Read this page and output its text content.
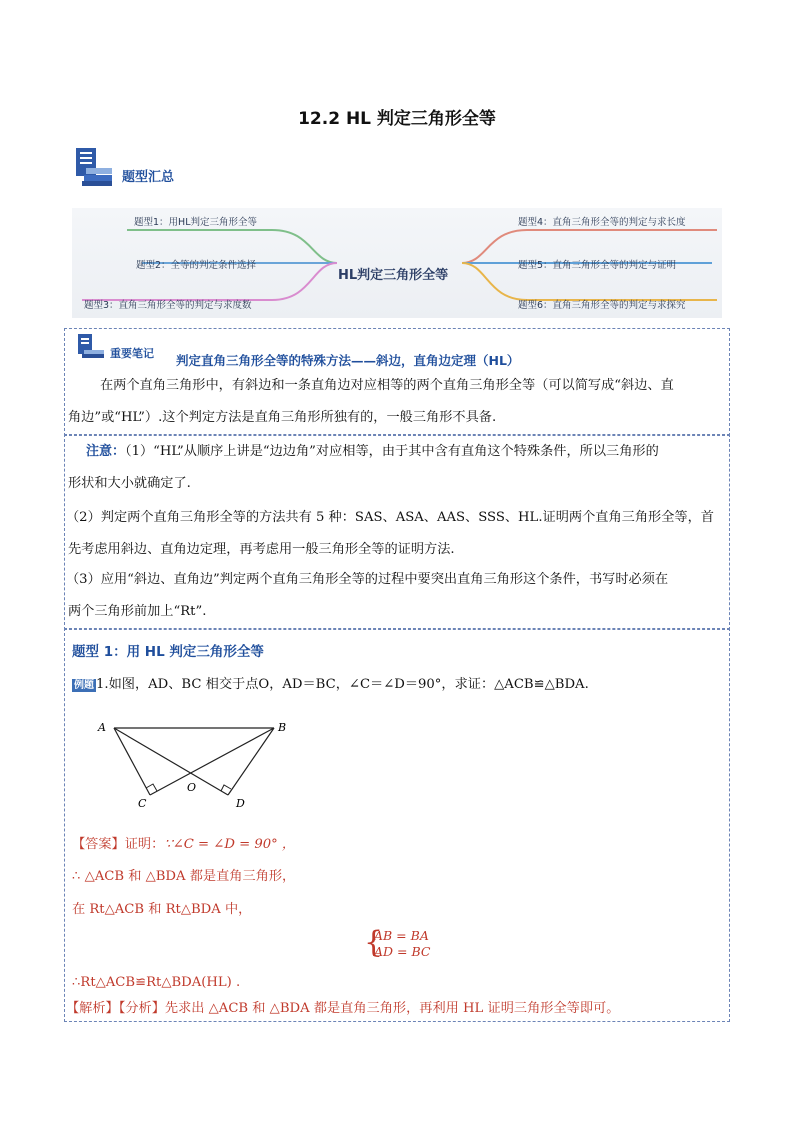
12.2 HL 判定三角形全等
题型汇总
题型1：用HL判定三角形全等
题型2：全等的判定条件选择
题型3：直角三角形全等的判定与求度数
HL判定三角形全等
题型4：直角三角形全等的判定与求长度
题型5：直角三角形全等的判定与证明
题型6：直角三角形全等的判定与求探究
重要笔记 判定直角三角形全等的特殊方法——斜边，直角边定理（HL）
在两个直角三角形中，有斜边和一条直角边对应相等的两个直角三角形全等（可以简写成“斜边、直
角边”或“HL”）.这个判定方法是直角三角形所独有的，一般三角形不具备.
注意：（1）“HL”从顺序上讲是“边边角”对应相等，由于其中含有直角这个特殊条件，所以三角形的
形状和大小就确定了.
（2）判定两个直角三角形全等的方法共有 5 种：SAS、ASA、AAS、SSS、HL.证明两个直角三角形全等，首
先考虑用斜边、直角边定理，再考虑用一般三角形全等的证明方法.
（3）应用“斜边、直角边”判定两个直角三角形全等的过程中要突出直角三角形这个条件，书写时必须在
两个三角形前加上“Rt”.
题型 1：用 HL 判定三角形全等
例题 1.如图，AD、BC 相交于点O，AD＝BC，∠C＝∠D＝90°，求证：△ACB≌△BDA.
A	B
C	D
O
【答案】证明：∵∠C = ∠D = 90° ，
∴ △ACB 和 △BDA 都是直角三角形，
在 Rt△ACB 和 Rt△BDA 中，
{
AB = BA
AD = BC
∴Rt△ACB≌Rt△BDA(HL) .
【解析】【分析】先求出 △ACB 和 △BDA 都是直角三角形，再利用 HL 证明三角形全等即可。
